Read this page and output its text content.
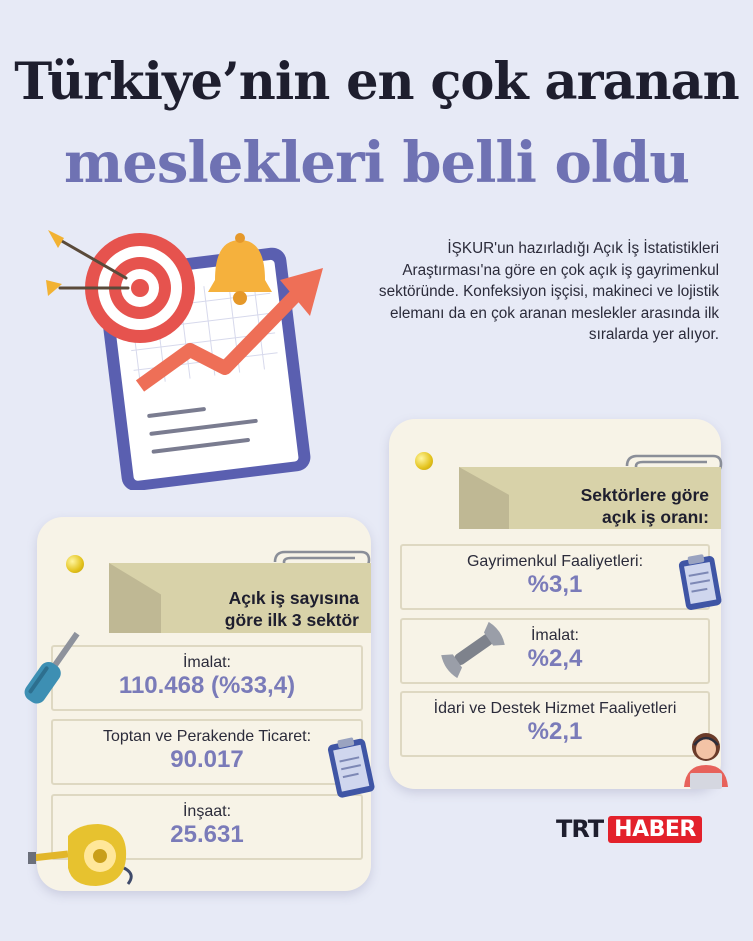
Türkiye’nin en çok aranan
meslekleri belli oldu
İŞKUR'un hazırladığı Açık İş İstatistikleri Araştırması'na göre en çok açık iş gayrimenkul sektöründe. Konfeksiyon işçisi, makineci ve lojistik elemanı da en çok aranan meslekler arasında ilk sıralarda yer alıyor.
Sektörlere göre
açık iş oranı:
Gayrimenkul Faaliyetleri:
%3,1
İmalat:
%2,4
İdari ve Destek Hizmet Faaliyetleri
%2,1
Açık iş sayısına
göre ilk 3 sektör
İmalat:
110.468 (%33,4)
Toptan ve Perakende Ticaret:
90.017
İnşaat:
25.631	TRT HABER
